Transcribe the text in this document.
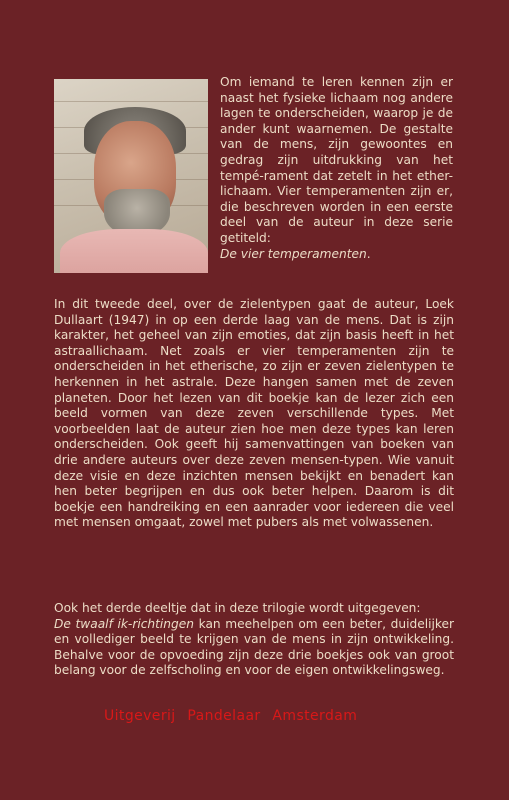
Om iemand te leren kennen zijn er naast het fysieke lichaam nog andere lagen te onderscheiden, waarop je de ander kunt waarnemen. De gestalte van de mens, zijn gewoontes en gedrag zijn uitdrukking van het tempé-rament dat zetelt in het ether-lichaam. Vier temperamenten zijn er, die beschreven worden in een eerste deel van de auteur in deze serie getiteld:
De vier temperamenten.

In dit tweede deel, over de zielentypen gaat de auteur, Loek Dullaart (1947) in op een derde laag van de mens. Dat is zijn karakter, het geheel van zijn emoties, dat zijn basis heeft in het astraallichaam. Net zoals er vier temperamenten zijn te onderscheiden in het etherische, zo zijn er zeven zielentypen te herkennen in het astrale. Deze hangen samen met de zeven planeten. Door het lezen van dit boekje kan de lezer zich een beeld vormen van deze zeven verschillende types. Met voorbeelden laat de auteur zien hoe men deze types kan leren onderscheiden. Ook geeft hij samenvattingen van boeken van drie andere auteurs over deze zeven mensen-typen. Wie vanuit deze visie en deze inzichten mensen bekijkt en benadert kan hen beter begrijpen en dus ook beter helpen. Daarom is dit boekje een handreiking en een aanrader voor iedereen die veel met mensen omgaat, zowel met pubers als met volwassenen.

Ook het derde deeltje dat in deze trilogie wordt uitgegeven:
De twaalf ik-richtingen kan meehelpen om een beter, duidelijker en vollediger beeld te krijgen van de mens in zijn ontwikkeling. Behalve voor de opvoeding zijn deze drie boekjes ook van groot belang voor de zelfscholing en voor de eigen ontwikkelingsweg.

Uitgeverij Pandelaar Amsterdam
